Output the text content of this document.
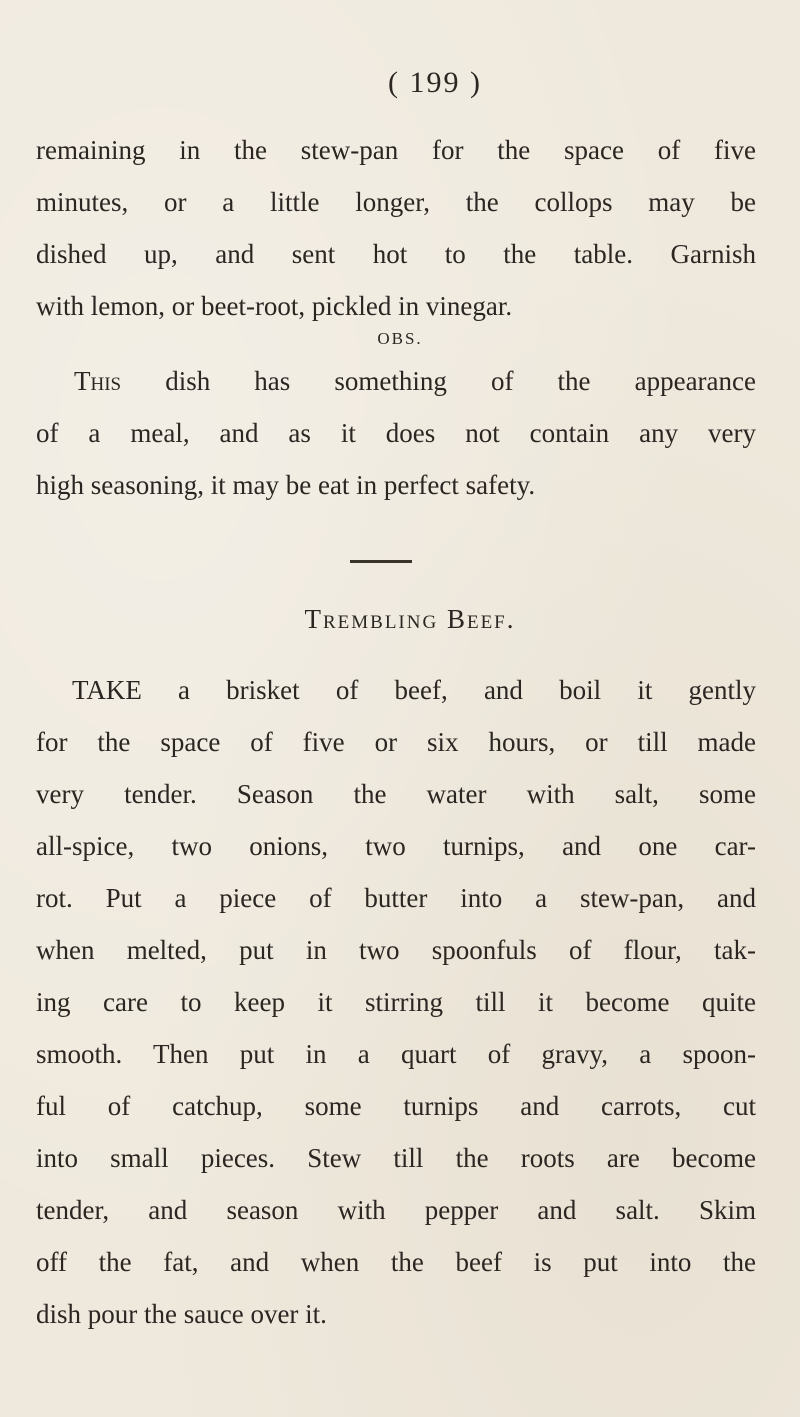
( 199 )

remaining in the stew-pan for the space of five
minutes, or a little longer, the collops may be
dished up, and sent hot to the table. Garnish
with lemon, or beet-root, pickled in vinegar.

OBS.

This dish has something of the appearance
of a meal, and as it does not contain any very
high seasoning, it may be eat in perfect safety.

Trembling Beef.

TAKE a brisket of beef, and boil it gently
for the space of five or six hours, or till made
very tender. Season the water with salt, some
all-spice, two onions, two turnips, and one car-
rot. Put a piece of butter into a stew-pan, and
when melted, put in two spoonfuls of flour, tak-
ing care to keep it stirring till it become quite
smooth. Then put in a quart of gravy, a spoon-
ful of catchup, some turnips and carrots, cut
into small pieces. Stew till the roots are become
tender, and season with pepper and salt. Skim
off the fat, and when the beef is put into the
dish pour the sauce over it.
